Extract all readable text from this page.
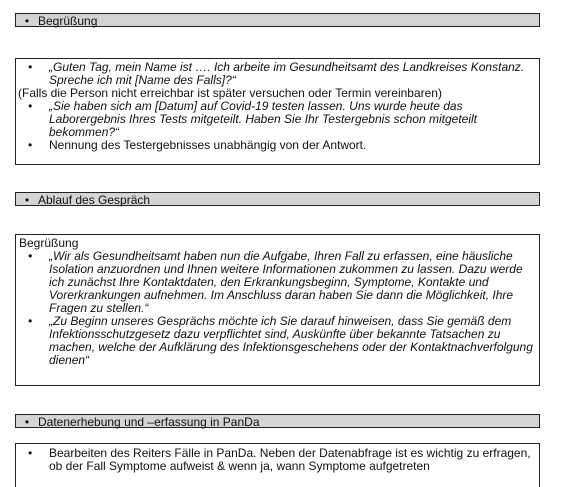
• Begrüßung
• „Guten Tag, mein Name ist …. Ich arbeite im Gesundheitsamt des Landkreises Konstanz. Spreche ich mit [Name des Falls]?“
(Falls die Person nicht erreichbar ist später versuchen oder Termin vereinbaren)
• „Sie haben sich am [Datum] auf Covid-19 testen lassen. Uns wurde heute das Laborergebnis Ihres Tests mitgeteilt. Haben Sie Ihr Testergebnis schon mitgeteilt bekommen?“
• Nennung des Testergebnisses unabhängig von der Antwort.
• Ablauf des Gespräch
Begrüßung
• „Wir als Gesundheitsamt haben nun die Aufgabe, Ihren Fall zu erfassen, eine häusliche Isolation anzuordnen und Ihnen weitere Informationen zukommen zu lassen. Dazu werde ich zunächst Ihre Kontaktdaten, den Erkrankungsbeginn, Symptome, Kontakte und Vorerkrankungen aufnehmen. Im Anschluss daran haben Sie dann die Möglichkeit, Ihre Fragen zu stellen.“
• „Zu Beginn unseres Gesprächs möchte ich Sie darauf hinweisen, dass Sie gemäß dem Infektionsschutzgesetz dazu verpflichtet sind, Auskünfte über bekannte Tatsachen zu machen, welche der Aufklärung des Infektionsgeschehens oder der Kontaktnachverfolgung dienen“
• Datenerhebung und –erfassung in PanDa
• Bearbeiten des Reiters Fälle in PanDa. Neben der Datenabfrage ist es wichtig zu erfragen, ob der Fall Symptome aufweist & wenn ja, wann Symptome aufgetreten
